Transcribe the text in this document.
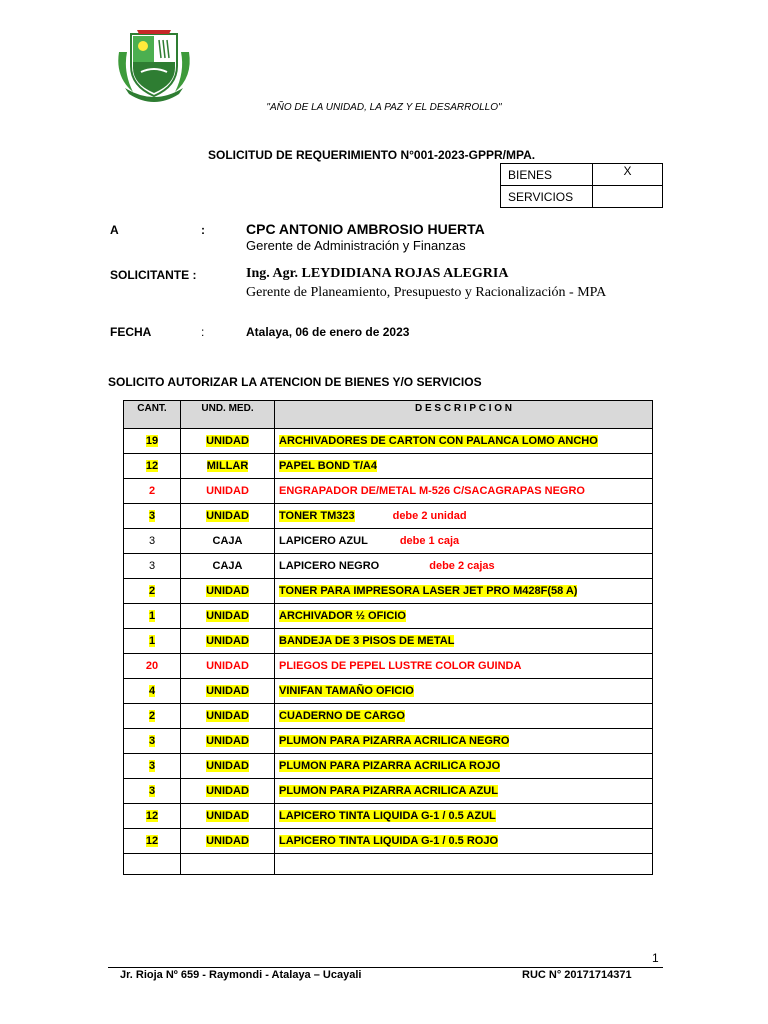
"AÑO DE LA UNIDAD, LA PAZ Y EL DESARROLLO"
SOLICITUD DE REQUERIMIENTO N°001-2023-GPPR/MPA.
BIENES	X
SERVICIOS	
A	:	CPC ANTONIO AMBROSIO HUERTA
Gerente de Administración y Finanzas
SOLICITANTE :	Ing. Agr. LEYDIDIANA ROJAS ALEGRIA
Gerente de Planeamiento, Presupuesto y Racionalización - MPA
FECHA	:	Atalaya, 06 de enero de 2023
SOLICITO AUTORIZAR LA ATENCION DE BIENES Y/O SERVICIOS
CANT.	UND. MED.	D E S C R I P C I O N
19	UNIDAD	ARCHIVADORES DE CARTON CON PALANCA LOMO ANCHO
12	MILLAR	PAPEL BOND T/A4
2	UNIDAD	ENGRAPADOR DE/METAL M-526 C/SACAGRAPAS NEGRO
3	UNIDAD	TONER TM323 debe 2 unidad
3	CAJA	LAPICERO AZUL debe 1 caja
3	CAJA	LAPICERO NEGRO debe 2 cajas
2	UNIDAD	TONER PARA IMPRESORA LASER JET PRO M428F(58 A)
1	UNIDAD	ARCHIVADOR ½ OFICIO
1	UNIDAD	BANDEJA DE 3 PISOS DE METAL
20	UNIDAD	PLIEGOS DE PEPEL LUSTRE COLOR GUINDA
4	UNIDAD	VINIFAN TAMAÑO OFICIO
2	UNIDAD	CUADERNO DE CARGO
3	UNIDAD	PLUMON PARA PIZARRA ACRILICA NEGRO
3	UNIDAD	PLUMON PARA PIZARRA ACRILICA ROJO
3	UNIDAD	PLUMON PARA PIZARRA ACRILICA AZUL
12	UNIDAD	LAPICERO TINTA LIQUIDA G-1 / 0.5 AZUL
12	UNIDAD	LAPICERO TINTA LIQUIDA G-1 / 0.5 ROJO

1
Jr. Rioja Nº 659 - Raymondi - Atalaya – Ucayali	RUC N° 20171714371
